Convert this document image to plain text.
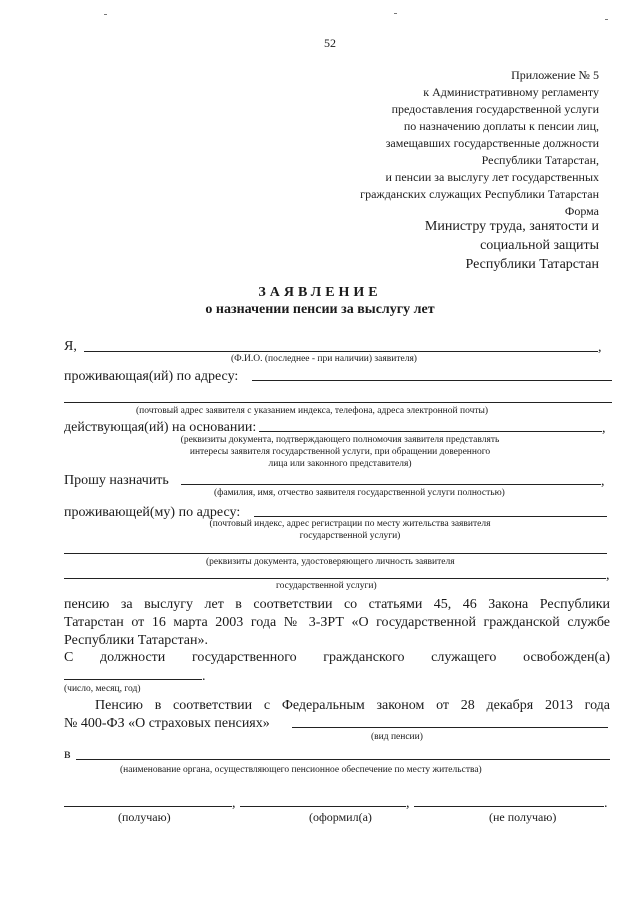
52
Приложение № 5
к Административному регламенту
предоставления государственной услуги
по назначению доплаты к пенсии лиц,
замещавших государственные должности
Республики Татарстан,
и пенсии за выслугу лет государственных
гражданских служащих Республики Татарстан
Форма
Министру труда, занятости и
социальной защиты
Республики Татарстан
ЗАЯВЛЕНИЕ
о назначении пенсии за выслугу лет
Я,	,
(Ф.И.О. (последнее - при наличии) заявителя)
проживающая(ий) по адресу:
(почтовый адрес заявителя с указанием индекса, телефона, адреса электронной почты)
действующая(ий) на основании:	,
(реквизиты документа, подтверждающего полномочия заявителя представлять
интересы заявителя государственной услуги, при обращении доверенного
лица или законного представителя)
Прошу назначить	,
(фамилия, имя, отчество заявителя государственной услуги полностью)
проживающей(му) по адресу:
(почтовый индекс, адрес регистрации по месту жительства заявителя
государственной услуги)
(реквизиты документа, удостоверяющего личность заявителя
,
государственной услуги)
пенсию за выслугу лет в соответствии со статьями 45, 46 Закона Республики
Татарстан от 16 марта 2003 года № 3-ЗРТ «О государственной гражданской службе
Республики Татарстан».
С должности государственного гражданского служащего освобожден(а)
.
(число, месяц, год)
Пенсию в соответствии с Федеральным законом от 28 декабря 2013 года
№ 400-ФЗ «О страховых пенсиях»
(вид пенсии)
в
(наименование органа, осуществляющего пенсионное обеспечение по месту жительства)
,	,	.
(получаю)	(оформил(а)	(не получаю)
